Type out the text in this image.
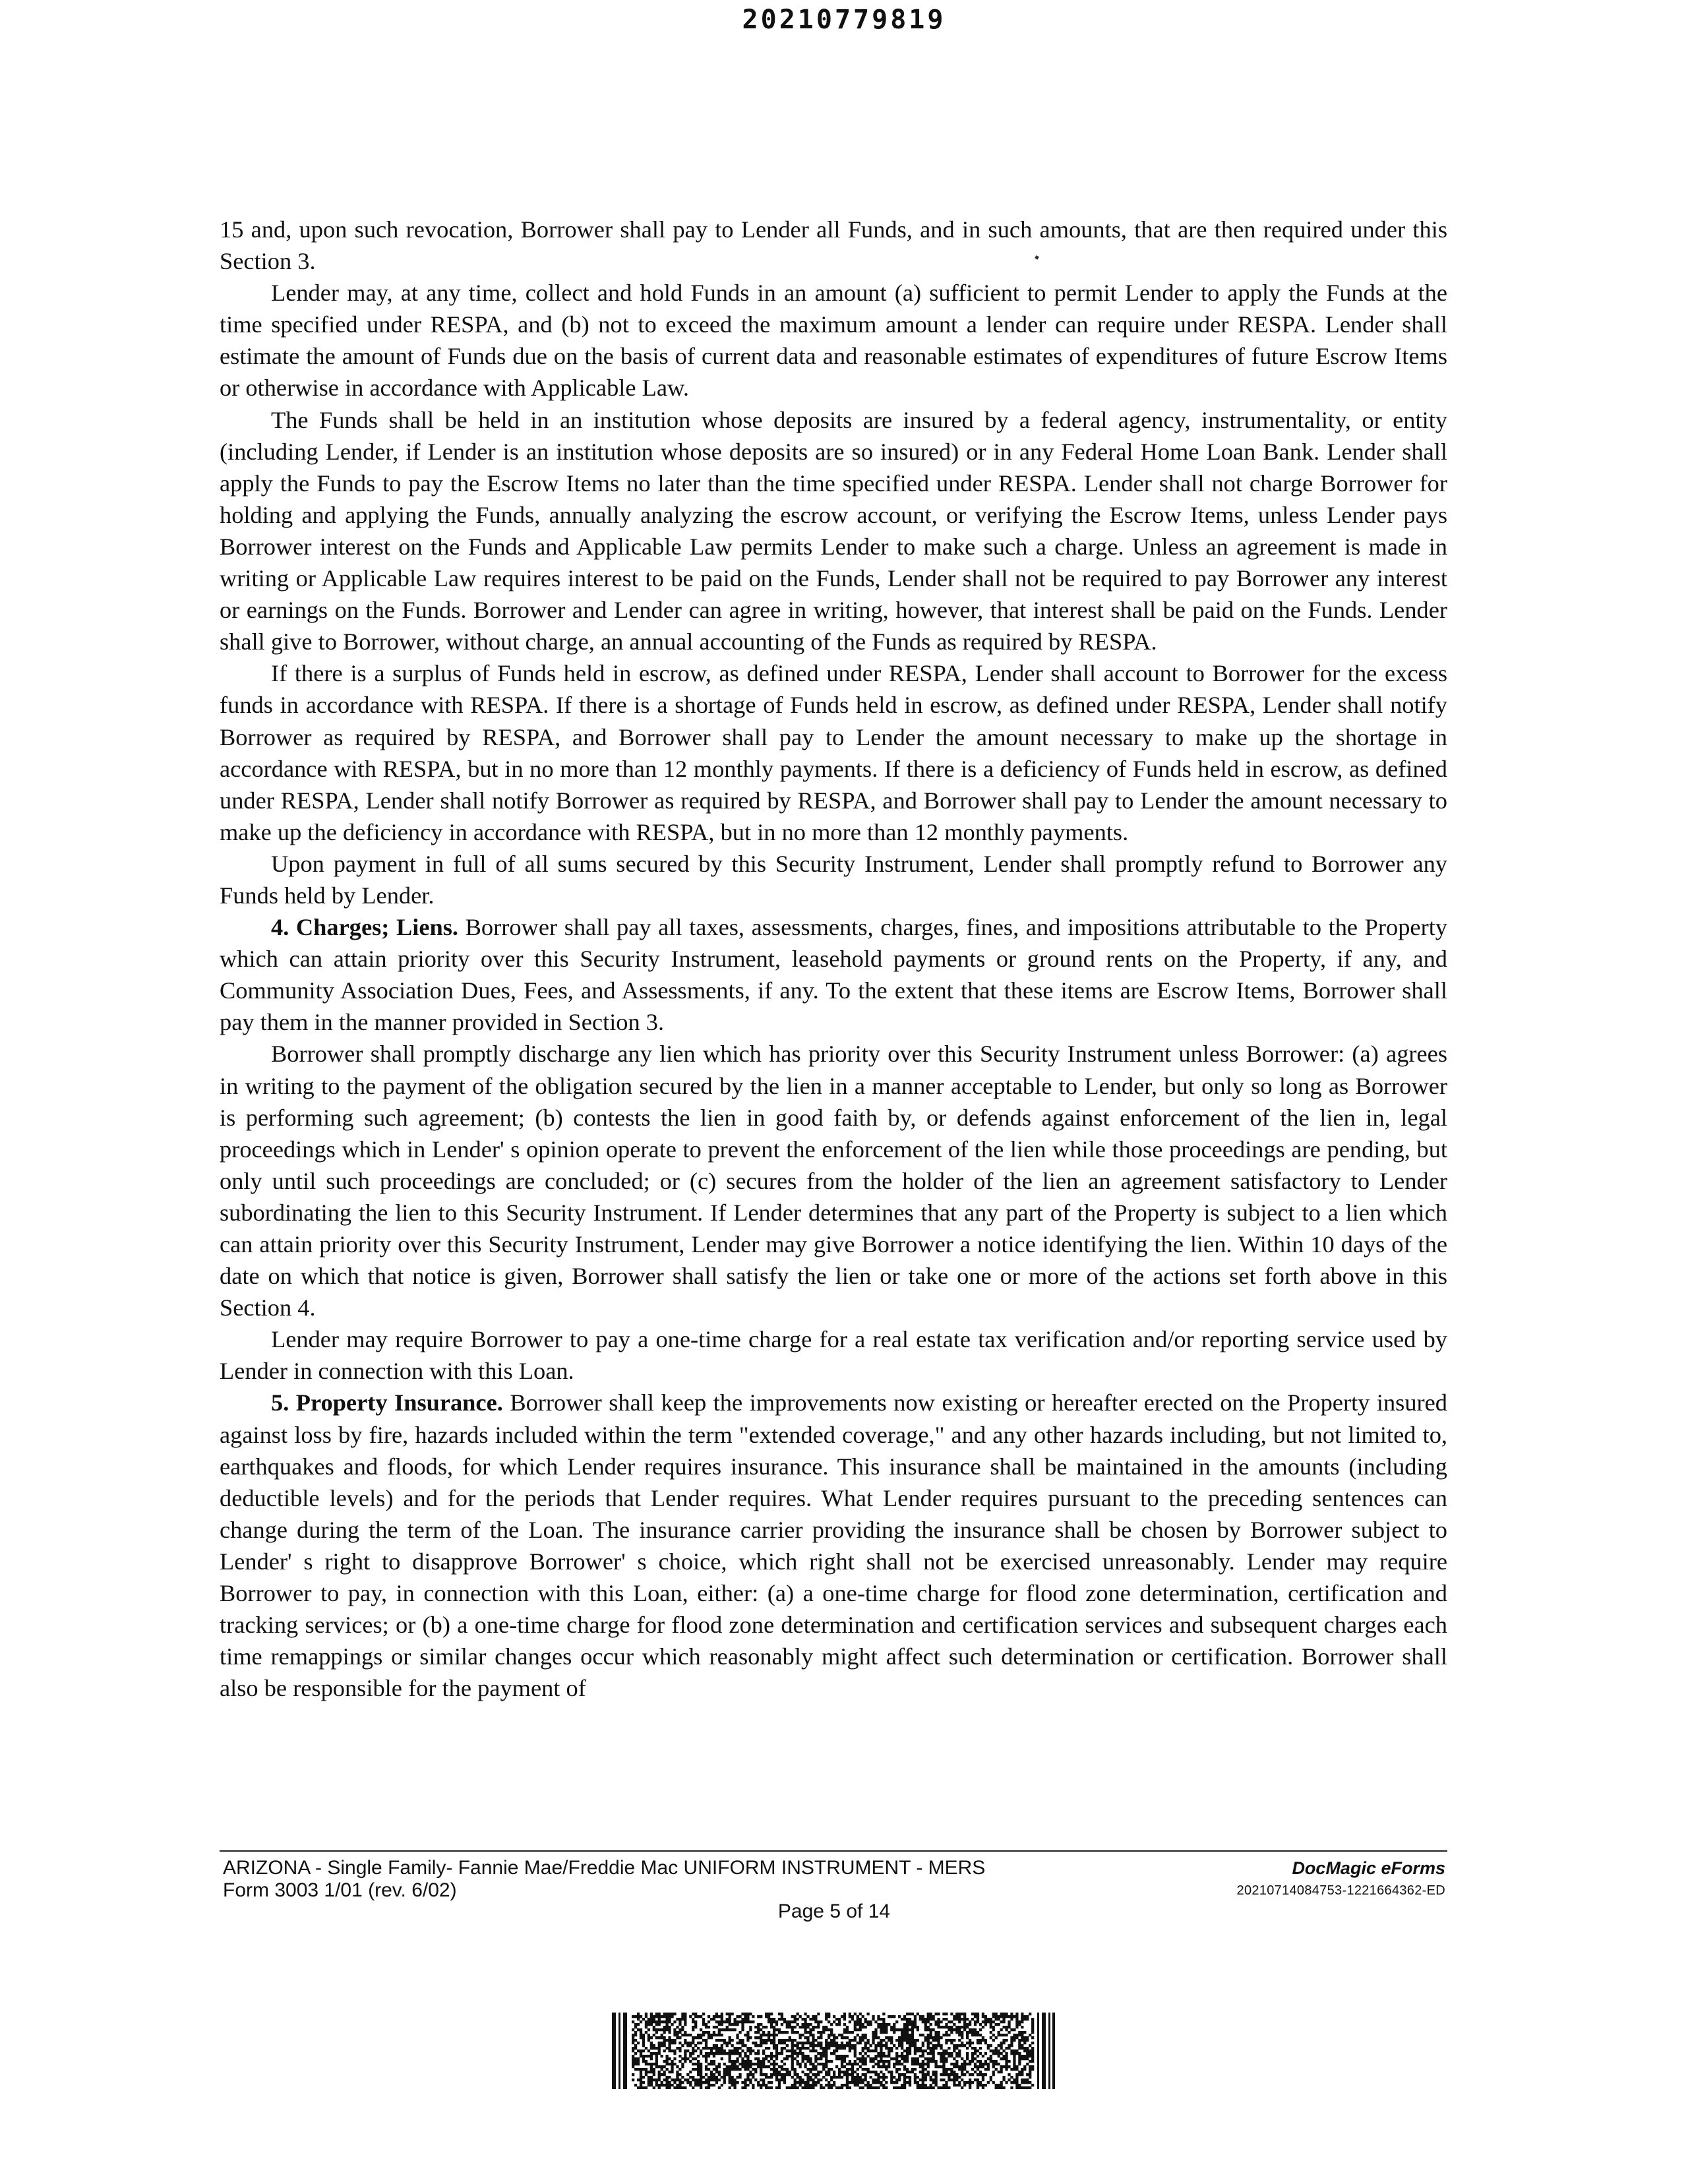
20210779819

15 and, upon such revocation, Borrower shall pay to Lender all Funds, and in such amounts, that are then required under this Section 3.

Lender may, at any time, collect and hold Funds in an amount (a) sufficient to permit Lender to apply the Funds at the time specified under RESPA, and (b) not to exceed the maximum amount a lender can require under RESPA. Lender shall estimate the amount of Funds due on the basis of current data and reasonable estimates of expenditures of future Escrow Items or otherwise in accordance with Applicable Law.

The Funds shall be held in an institution whose deposits are insured by a federal agency, instrumentality, or entity (including Lender, if Lender is an institution whose deposits are so insured) or in any Federal Home Loan Bank. Lender shall apply the Funds to pay the Escrow Items no later than the time specified under RESPA. Lender shall not charge Borrower for holding and applying the Funds, annually analyzing the escrow account, or verifying the Escrow Items, unless Lender pays Borrower interest on the Funds and Applicable Law permits Lender to make such a charge. Unless an agreement is made in writing or Applicable Law requires interest to be paid on the Funds, Lender shall not be required to pay Borrower any interest or earnings on the Funds. Borrower and Lender can agree in writing, however, that interest shall be paid on the Funds. Lender shall give to Borrower, without charge, an annual accounting of the Funds as required by RESPA.

If there is a surplus of Funds held in escrow, as defined under RESPA, Lender shall account to Borrower for the excess funds in accordance with RESPA. If there is a shortage of Funds held in escrow, as defined under RESPA, Lender shall notify Borrower as required by RESPA, and Borrower shall pay to Lender the amount necessary to make up the shortage in accordance with RESPA, but in no more than 12 monthly payments. If there is a deficiency of Funds held in escrow, as defined under RESPA, Lender shall notify Borrower as required by RESPA, and Borrower shall pay to Lender the amount necessary to make up the deficiency in accordance with RESPA, but in no more than 12 monthly payments.

Upon payment in full of all sums secured by this Security Instrument, Lender shall promptly refund to Borrower any Funds held by Lender.

4. Charges; Liens. Borrower shall pay all taxes, assessments, charges, fines, and impositions attributable to the Property which can attain priority over this Security Instrument, leasehold payments or ground rents on the Property, if any, and Community Association Dues, Fees, and Assessments, if any. To the extent that these items are Escrow Items, Borrower shall pay them in the manner provided in Section 3.

Borrower shall promptly discharge any lien which has priority over this Security Instrument unless Borrower: (a) agrees in writing to the payment of the obligation secured by the lien in a manner acceptable to Lender, but only so long as Borrower is performing such agreement; (b) contests the lien in good faith by, or defends against enforcement of the lien in, legal proceedings which in Lender' s opinion operate to prevent the enforcement of the lien while those proceedings are pending, but only until such proceedings are concluded; or (c) secures from the holder of the lien an agreement satisfactory to Lender subordinating the lien to this Security Instrument. If Lender determines that any part of the Property is subject to a lien which can attain priority over this Security Instrument, Lender may give Borrower a notice identifying the lien. Within 10 days of the date on which that notice is given, Borrower shall satisfy the lien or take one or more of the actions set forth above in this Section 4.

Lender may require Borrower to pay a one-time charge for a real estate tax verification and/or reporting service used by Lender in connection with this Loan.

5. Property Insurance. Borrower shall keep the improvements now existing or hereafter erected on the Property insured against loss by fire, hazards included within the term "extended coverage," and any other hazards including, but not limited to, earthquakes and floods, for which Lender requires insurance. This insurance shall be maintained in the amounts (including deductible levels) and for the periods that Lender requires. What Lender requires pursuant to the preceding sentences can change during the term of the Loan. The insurance carrier providing the insurance shall be chosen by Borrower subject to Lender' s right to disapprove Borrower' s choice, which right shall not be exercised unreasonably. Lender may require Borrower to pay, in connection with this Loan, either: (a) a one-time charge for flood zone determination, certification and tracking services; or (b) a one-time charge for flood zone determination and certification services and subsequent charges each time remappings or similar changes occur which reasonably might affect such determination or certification. Borrower shall also be responsible for the payment of

ARIZONA - Single Family- Fannie Mae/Freddie Mac UNIFORM INSTRUMENT - MERS
Form 3003 1/01 (rev. 6/02)
Page 5 of 14
DocMagic eForms
20210714084753-1221664362-ED
